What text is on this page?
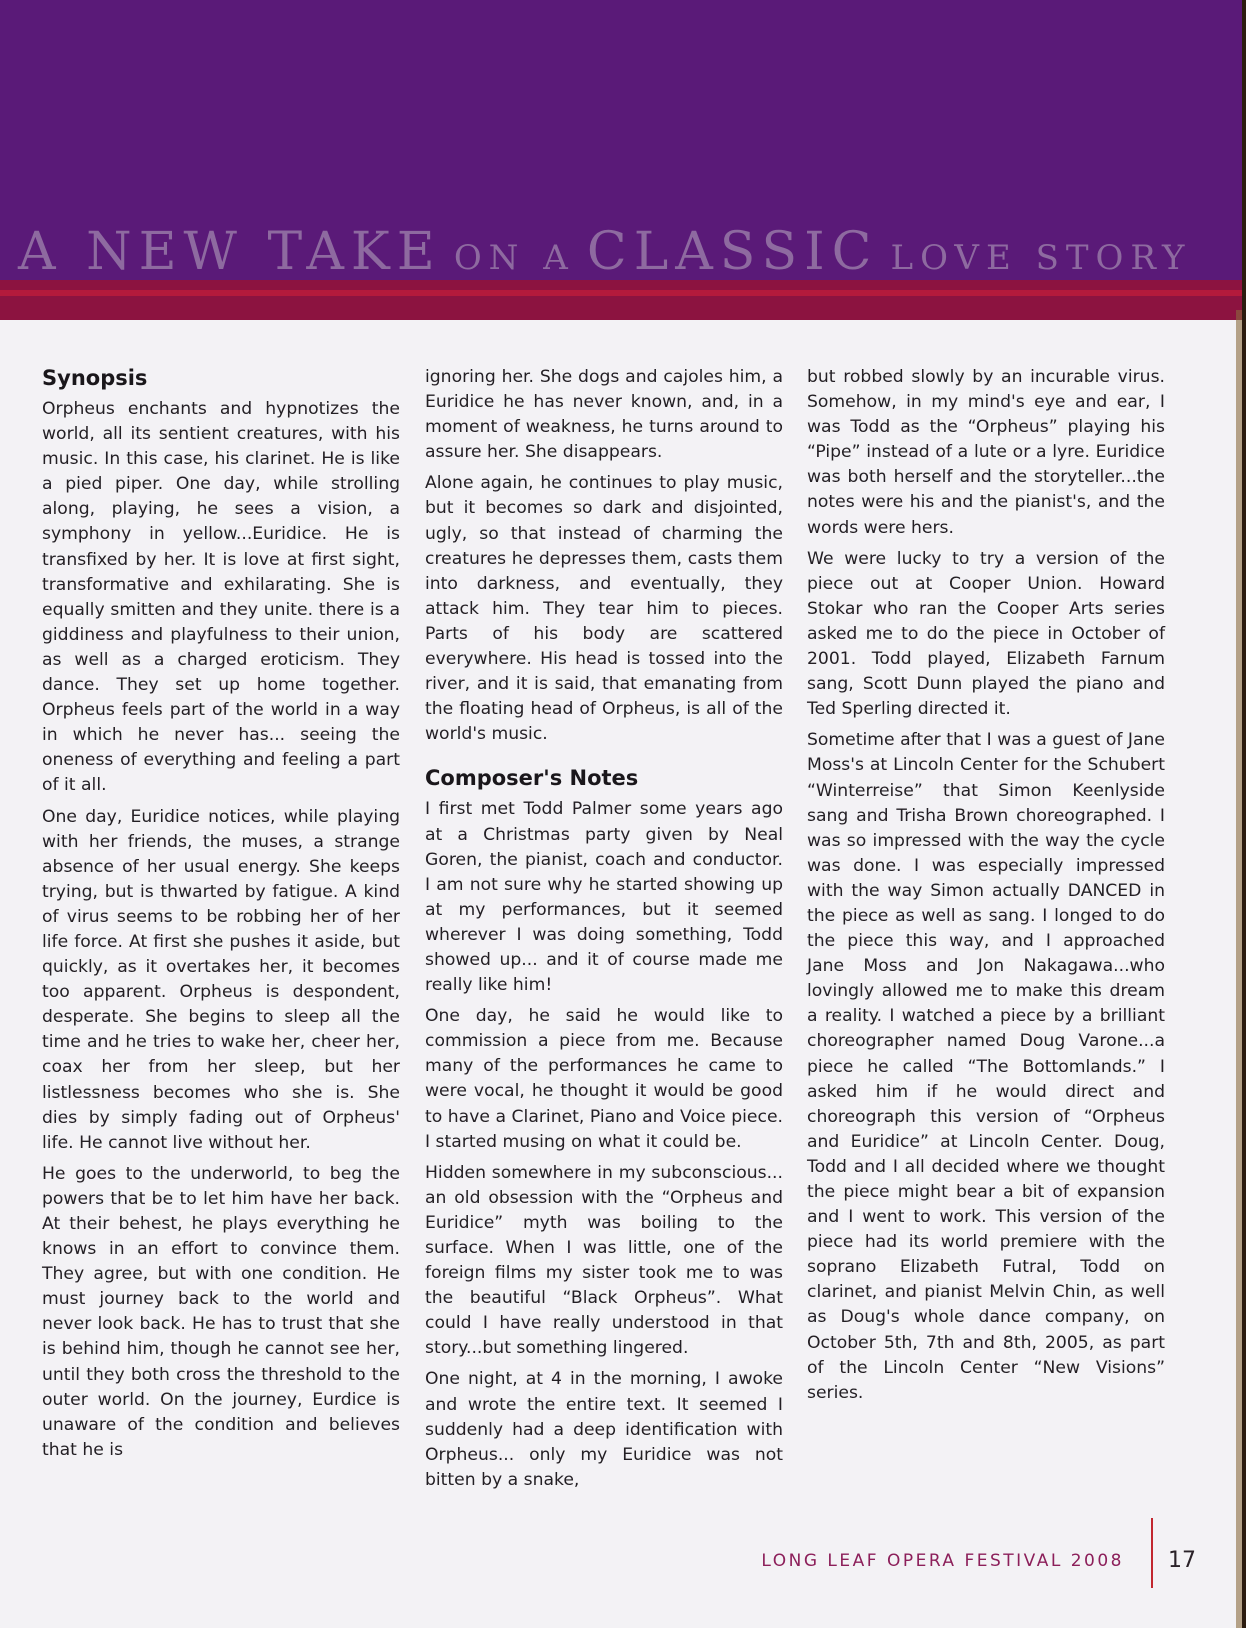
A NEW TAKE ON A CLASSIC LOVE STORY
Synopsis

Orpheus enchants and hypnotizes the world, all its sentient creatures, with his music. In this case, his clarinet. He is like a pied piper. One day, while strolling along, playing, he sees a vision, a symphony in yellow...Euridice. He is transfixed by her. It is love at first sight, transformative and exhilarating. She is equally smitten and they unite. there is a giddiness and playfulness to their union, as well as a charged eroticism. They dance. They set up home together. Orpheus feels part of the world in a way in which he never has... seeing the oneness of everything and feeling a part of it all.

One day, Euridice notices, while playing with her friends, the muses, a strange absence of her usual energy. She keeps trying, but is thwarted by fatigue. A kind of virus seems to be robbing her of her life force. At first she pushes it aside, but quickly, as it overtakes her, it becomes too apparent. Orpheus is despondent, desperate. She begins to sleep all the time and he tries to wake her, cheer her, coax her from her sleep, but her listlessness becomes who she is. She dies by simply fading out of Orpheus' life. He cannot live without her.

He goes to the underworld, to beg the powers that be to let him have her back. At their behest, he plays everything he knows in an effort to convince them. They agree, but with one condition. He must journey back to the world and never look back. He has to trust that she is behind him, though he cannot see her, until they both cross the threshold to the outer world. On the journey, Eurdice is unaware of the condition and believes that he is

ignoring her. She dogs and cajoles him, a Euridice he has never known, and, in a moment of weakness, he turns around to assure her. She disappears.

Alone again, he continues to play music, but it becomes so dark and disjointed, ugly, so that instead of charming the creatures he depresses them, casts them into darkness, and eventually, they attack him. They tear him to pieces. Parts of his body are scattered everywhere. His head is tossed into the river, and it is said, that emanating from the floating head of Orpheus, is all of the world's music.

Composer's Notes

I first met Todd Palmer some years ago at a Christmas party given by Neal Goren, the pianist, coach and conductor. I am not sure why he started showing up at my performances, but it seemed wherever I was doing something, Todd showed up... and it of course made me really like him!

One day, he said he would like to commission a piece from me. Because many of the performances he came to were vocal, he thought it would be good to have a Clarinet, Piano and Voice piece. I started musing on what it could be.

Hidden somewhere in my subconscious... an old obsession with the “Orpheus and Euridice” myth was boiling to the surface. When I was little, one of the foreign films my sister took me to was the beautiful “Black Orpheus”. What could I have really understood in that story...but something lingered.

One night, at 4 in the morning, I awoke and wrote the entire text. It seemed I suddenly had a deep identification with Orpheus... only my Euridice was not bitten by a snake,

but robbed slowly by an incurable virus. Somehow, in my mind's eye and ear, I was Todd as the “Orpheus” playing his “Pipe” instead of a lute or a lyre. Euridice was both herself and the storyteller...the notes were his and the pianist's, and the words were hers.

We were lucky to try a version of the piece out at Cooper Union. Howard Stokar who ran the Cooper Arts series asked me to do the piece in October of 2001. Todd played, Elizabeth Farnum sang, Scott Dunn played the piano and Ted Sperling directed it.

Sometime after that I was a guest of Jane Moss's at Lincoln Center for the Schubert “Winterreise” that Simon Keenlyside sang and Trisha Brown choreographed. I was so impressed with the way the cycle was done. I was especially impressed with the way Simon actually DANCED in the piece as well as sang. I longed to do the piece this way, and I approached Jane Moss and Jon Nakagawa...who lovingly allowed me to make this dream a reality. I watched a piece by a brilliant choreographer named Doug Varone...a piece he called “The Bottomlands.” I asked him if he would direct and choreograph this version of “Orpheus and Euridice” at Lincoln Center. Doug, Todd and I all decided where we thought the piece might bear a bit of expansion and I went to work. This version of the piece had its world premiere with the soprano Elizabeth Futral, Todd on clarinet, and pianist Melvin Chin, as well as Doug's whole dance company, on October 5th, 7th and 8th, 2005, as part of the Lincoln Center “New Visions” series.

LONG LEAF OPERA FESTIVAL 2008 17
